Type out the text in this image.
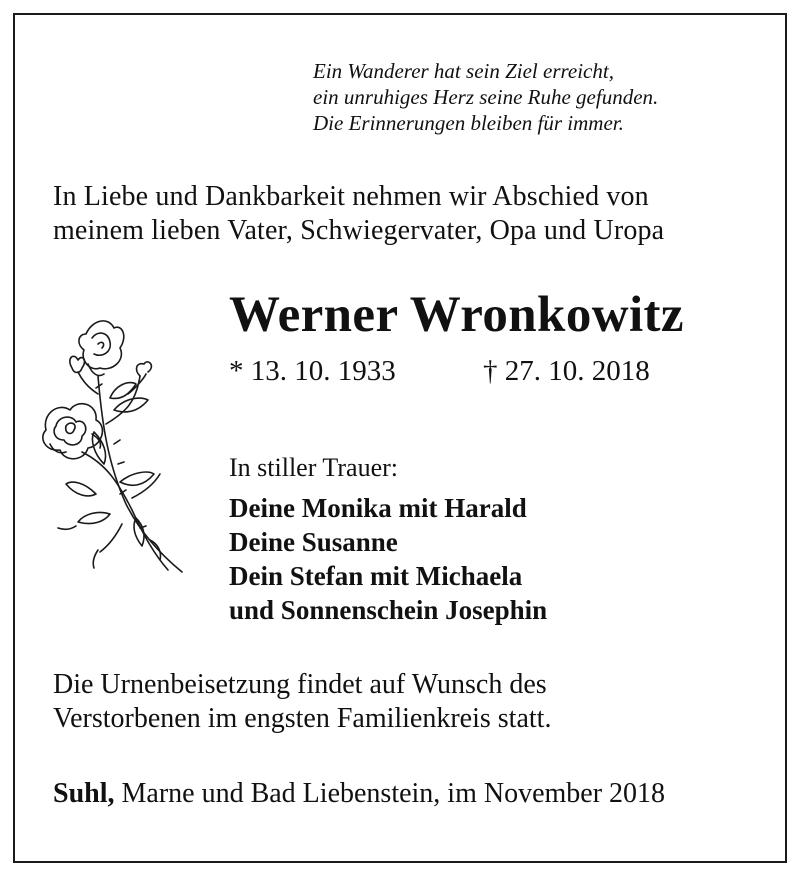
Ein Wanderer hat sein Ziel erreicht,
ein unruhiges Herz seine Ruhe gefunden.
Die Erinnerungen bleiben für immer.
In Liebe und Dankbarkeit nehmen wir Abschied von
meinem lieben Vater, Schwiegervater, Opa und Uropa
Werner Wronkowitz
* 13. 10. 1933	† 27. 10. 2018
In stiller Trauer:
Deine Monika mit Harald
Deine Susanne
Dein Stefan mit Michaela
und Sonnenschein Josephin
Die Urnenbeisetzung findet auf Wunsch des
Verstorbenen im engsten Familienkreis statt.
Suhl, Marne und Bad Liebenstein, im November 2018
